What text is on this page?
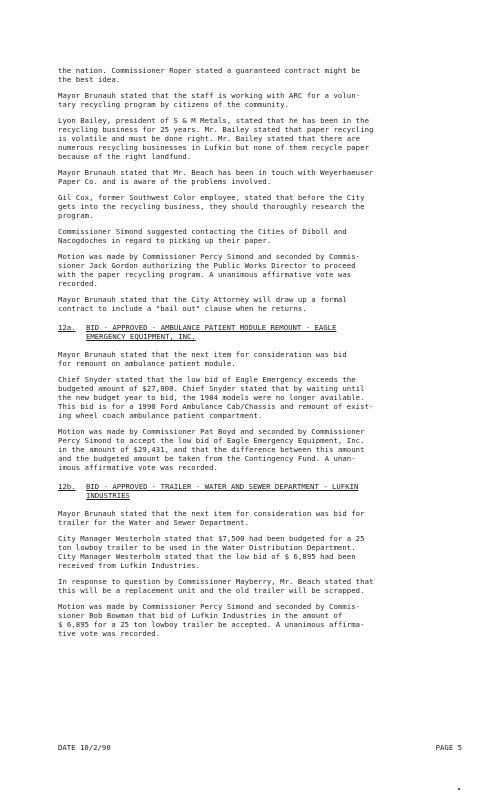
the nation. Commissioner Roper stated a guaranteed contract might be
the best idea.

Mayor Brunauh stated that the staff is working with ARC for a volun-
tary recycling program by citizens of the community.

Lyon Bailey, president of S & M Metals, stated that he has been in the
recycling business for 25 years. Mr. Bailey stated that paper recycling
is volatile and must be done right. Mr. Bailey stated that there are
numerous recycling businesses in Lufkin but none of them recycle paper
because of the right landfund.

Mayor Brunauh stated that Mr. Beach has been in touch with Weyerhaeuser
Paper Co. and is aware of the problems involved.

Gil Cox, former Southwest Color employee, stated that before the City
gets into the recycling business, they should thoroughly research the
program.

Commissioner Simond suggested contacting the Cities of Diboll and
Nacogdoches in regard to picking up their paper.

Motion was made by Commissioner Percy Simond and seconded by Commis-
sioner Jack Gordon authorizing the Public Works Director to proceed
with the paper recycling program. A unanimous affirmative vote was
recorded.

Mayor Brunauh stated that the City Attorney will draw up a formal
contract to include a "bail out" clause when he returns.

12a.	BID - APPROVED - AMBULANCE PATIENT MODULE REMOUNT - EAGLE
EMERGENCY EQUIPMENT, INC.

Mayor Brunauh stated that the next item for consideration was bid
for remount on ambulance patient module.

Chief Snyder stated that the low bid of Eagle Emergency exceeds the
budgeted amount of $27,000. Chief Snyder stated that by waiting until
the new budget year to bid, the 1984 models were no longer available.
This bid is for a 1990 Ford Ambulance Cab/Chassis and remount of exist-
ing wheel coach ambulance patient compartment.

Motion was made by Commissioner Pat Boyd and seconded by Commissioner
Percy Simond to accept the low bid of Eagle Emergency Equipment, Inc.
in the amount of $29,431, and that the difference between this amount
and the budgeted amount be taken from the Contingency Fund. A unan-
imous affirmative vote was recorded.

12b.	BID - APPROVED - TRAILER - WATER AND SEWER DEPARTMENT - LUFKIN
INDUSTRIES

Mayor Brunauh stated that the next item for consideration was bid for
trailer for the Water and Sewer Department.

City Manager Westerholm stated that $7,500 had been budgeted for a 25
ton lowboy trailer to be used in the Water Distribution Department.
City Manager Westerholm stated that the low bid of $ 6,895 had been
received from Lufkin Industries.

In response to question by Commissioner Mayberry, Mr. Beach stated that
this will be a replacement unit and the old trailer will be scrapped.

Motion was made by Commissioner Percy Simond and seconded by Commis-
sioner Bob Bowman that bid of Lufkin Industries in the amount of
$ 6,895 for a 25 ton lowboy trailer be accepted. A unanimous affirma-
tive vote was recorded.

DATE 10/2/90	PAGE 5
